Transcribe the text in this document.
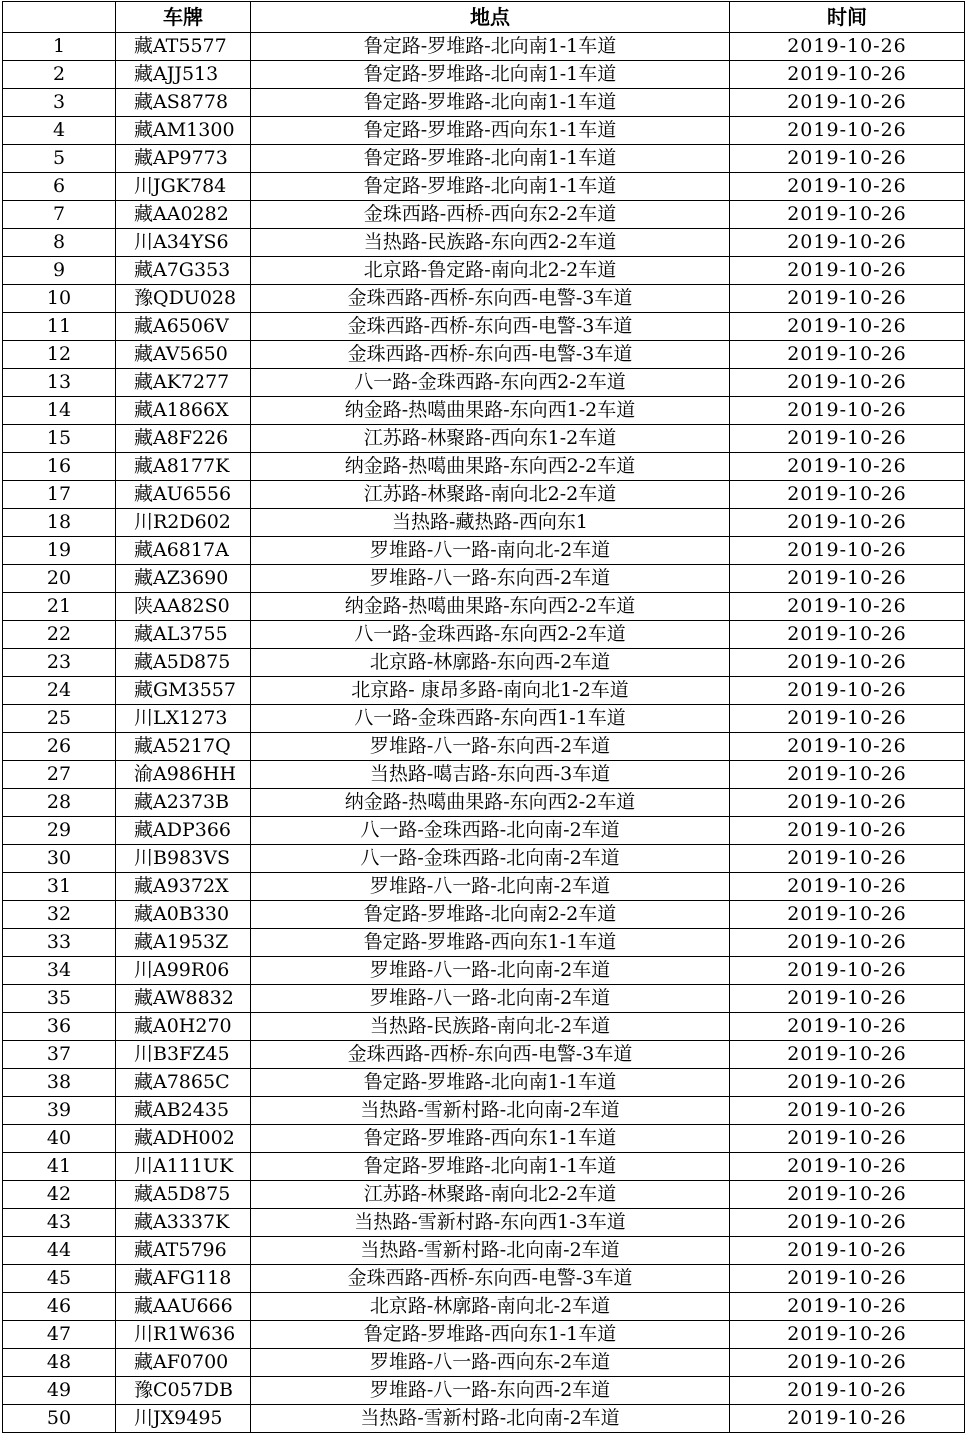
	车牌	地点	时间
1	藏AT5577	鲁定路-罗堆路-北向南1-1车道	2019-10-26
2	藏AJJ513	鲁定路-罗堆路-北向南1-1车道	2019-10-26
3	藏AS8778	鲁定路-罗堆路-北向南1-1车道	2019-10-26
4	藏AM1300	鲁定路-罗堆路-西向东1-1车道	2019-10-26
5	藏AP9773	鲁定路-罗堆路-北向南1-1车道	2019-10-26
6	川JGK784	鲁定路-罗堆路-北向南1-1车道	2019-10-26
7	藏AA0282	金珠西路-西桥-西向东2-2车道	2019-10-26
8	川A34YS6	当热路-民族路-东向西2-2车道	2019-10-26
9	藏A7G353	北京路-鲁定路-南向北2-2车道	2019-10-26
10	豫QDU028	金珠西路-西桥-东向西-电警-3车道	2019-10-26
11	藏A6506V	金珠西路-西桥-东向西-电警-3车道	2019-10-26
12	藏AV5650	金珠西路-西桥-东向西-电警-3车道	2019-10-26
13	藏AK7277	八一路-金珠西路-东向西2-2车道	2019-10-26
14	藏A1866X	纳金路-热噶曲果路-东向西1-2车道	2019-10-26
15	藏A8F226	江苏路-林聚路-西向东1-2车道	2019-10-26
16	藏A8177K	纳金路-热噶曲果路-东向西2-2车道	2019-10-26
17	藏AU6556	江苏路-林聚路-南向北2-2车道	2019-10-26
18	川R2D602	当热路-藏热路-西向东1	2019-10-26
19	藏A6817A	罗堆路-八一路-南向北-2车道	2019-10-26
20	藏AZ3690	罗堆路-八一路-东向西-2车道	2019-10-26
21	陕AA82S0	纳金路-热噶曲果路-东向西2-2车道	2019-10-26
22	藏AL3755	八一路-金珠西路-东向西2-2车道	2019-10-26
23	藏A5D875	北京路-林廓路-东向西-2车道	2019-10-26
24	藏GM3557	北京路- 康昂多路-南向北1-2车道	2019-10-26
25	川LX1273	八一路-金珠西路-东向西1-1车道	2019-10-26
26	藏A5217Q	罗堆路-八一路-东向西-2车道	2019-10-26
27	渝A986HH	当热路-噶吉路-东向西-3车道	2019-10-26
28	藏A2373B	纳金路-热噶曲果路-东向西2-2车道	2019-10-26
29	藏ADP366	八一路-金珠西路-北向南-2车道	2019-10-26
30	川B983VS	八一路-金珠西路-北向南-2车道	2019-10-26
31	藏A9372X	罗堆路-八一路-北向南-2车道	2019-10-26
32	藏A0B330	鲁定路-罗堆路-北向南2-2车道	2019-10-26
33	藏A1953Z	鲁定路-罗堆路-西向东1-1车道	2019-10-26
34	川A99R06	罗堆路-八一路-北向南-2车道	2019-10-26
35	藏AW8832	罗堆路-八一路-北向南-2车道	2019-10-26
36	藏A0H270	当热路-民族路-南向北-2车道	2019-10-26
37	川B3FZ45	金珠西路-西桥-东向西-电警-3车道	2019-10-26
38	藏A7865C	鲁定路-罗堆路-北向南1-1车道	2019-10-26
39	藏AB2435	当热路-雪新村路-北向南-2车道	2019-10-26
40	藏ADH002	鲁定路-罗堆路-西向东1-1车道	2019-10-26
41	川A111UK	鲁定路-罗堆路-北向南1-1车道	2019-10-26
42	藏A5D875	江苏路-林聚路-南向北2-2车道	2019-10-26
43	藏A3337K	当热路-雪新村路-东向西1-3车道	2019-10-26
44	藏AT5796	当热路-雪新村路-北向南-2车道	2019-10-26
45	藏AFG118	金珠西路-西桥-东向西-电警-3车道	2019-10-26
46	藏AAU666	北京路-林廓路-南向北-2车道	2019-10-26
47	川R1W636	鲁定路-罗堆路-西向东1-1车道	2019-10-26
48	藏AF0700	罗堆路-八一路-西向东-2车道	2019-10-26
49	豫C057DB	罗堆路-八一路-东向西-2车道	2019-10-26
50	川JX9495	当热路-雪新村路-北向南-2车道	2019-10-26
